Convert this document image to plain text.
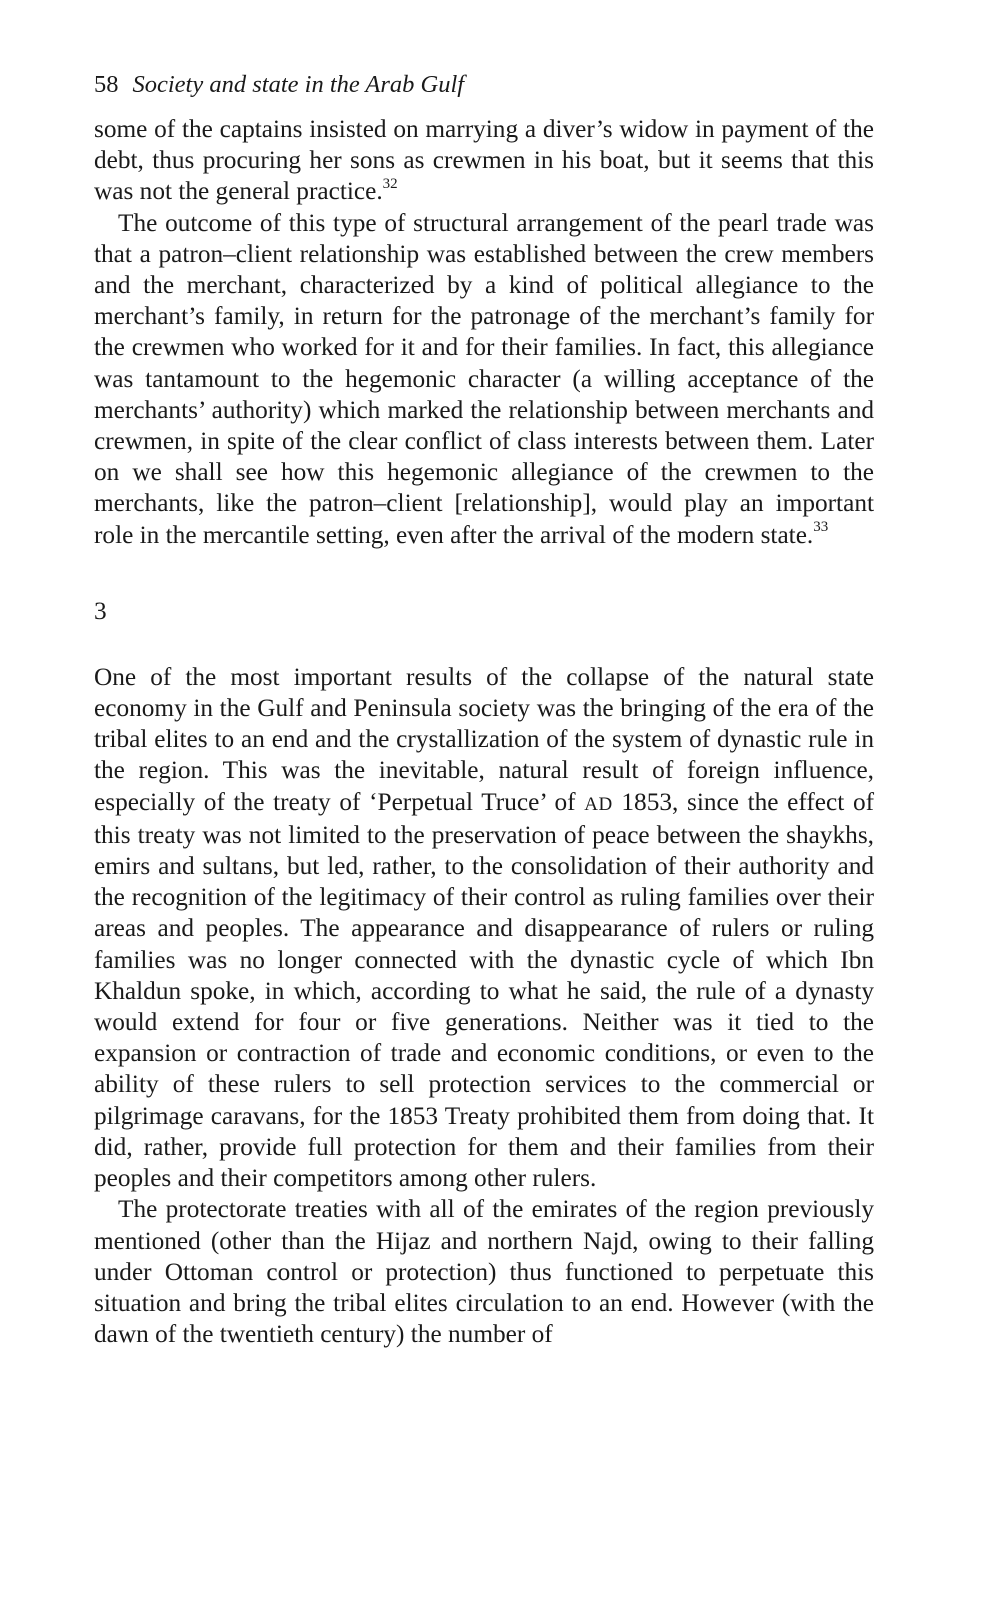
58 Society and state in the Arab Gulf

some of the captains insisted on marrying a diver’s widow in payment of the debt, thus procuring her sons as crewmen in his boat, but it seems that this was not the general practice.$^{32}$

The outcome of this type of structural arrangement of the pearl trade was that a patron–client relationship was established between the crew members and the merchant, characterized by a kind of political allegiance to the merchant’s family, in return for the patronage of the merchant’s family for the crewmen who worked for it and for their families. In fact, this allegiance was tantamount to the hegemonic character (a willing acceptance of the merchants’ authority) which marked the relationship between merchants and crewmen, in spite of the clear conflict of class interests between them. Later on we shall see how this hegemonic allegiance of the crewmen to the merchants, like the patron–client [relationship], would play an important role in the mercantile setting, even after the arrival of the modern state.$^{33}$

3

One of the most important results of the collapse of the natural state economy in the Gulf and Peninsula society was the bringing of the era of the tribal elites to an end and the crystallization of the system of dynastic rule in the region. This was the inevitable, natural result of foreign influence, especially of the treaty of ‘Perpetual Truce’ of AD 1853, since the effect of this treaty was not limited to the preservation of peace between the shaykhs, emirs and sultans, but led, rather, to the consolidation of their authority and the recognition of the legitimacy of their control as ruling families over their areas and peoples. The appearance and disappearance of rulers or ruling families was no longer connected with the dynastic cycle of which Ibn Khaldun spoke, in which, according to what he said, the rule of a dynasty would extend for four or five generations. Neither was it tied to the expansion or contraction of trade and economic conditions, or even to the ability of these rulers to sell protection services to the commercial or pilgrimage caravans, for the 1853 Treaty prohibited them from doing that. It did, rather, provide full protection for them and their families from their peoples and their competitors among other rulers.

The protectorate treaties with all of the emirates of the region previously mentioned (other than the Hijaz and northern Najd, owing to their falling under Ottoman control or protection) thus functioned to perpetuate this situation and bring the tribal elites circulation to an end. However (with the dawn of the twentieth century) the number of
